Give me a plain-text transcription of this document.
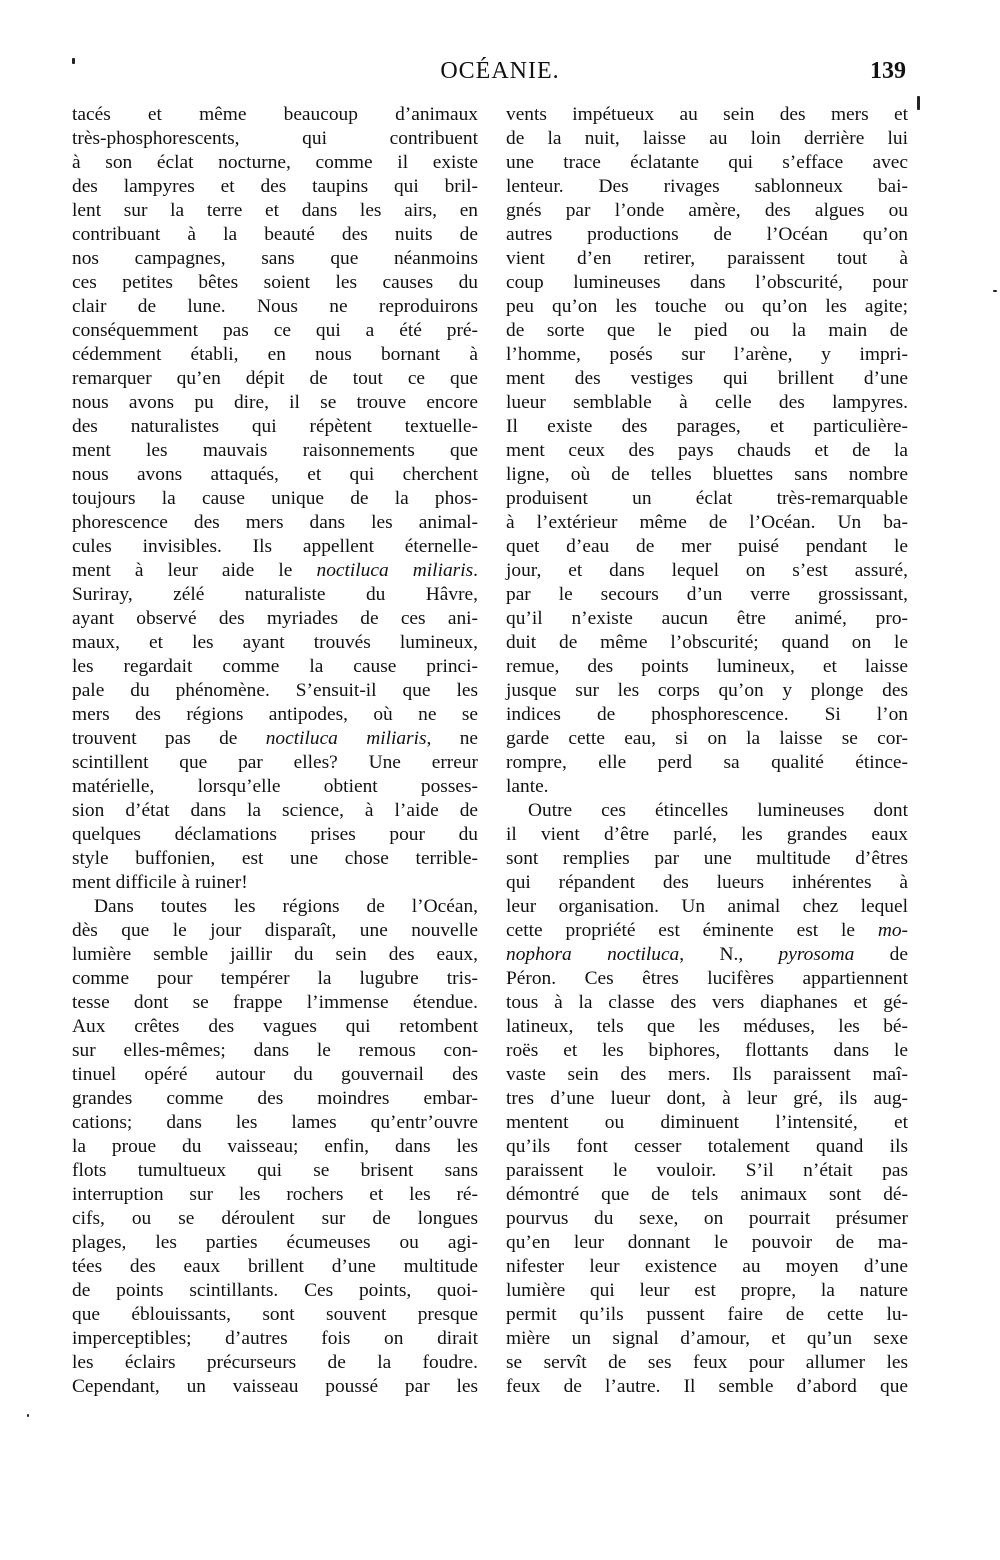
OCÉANIE.	139
tacés et même beaucoup d’animaux
très-phosphorescents, qui contribuent
à son éclat nocturne, comme il existe
des lampyres et des taupins qui bril-
lent sur la terre et dans les airs, en
contribuant à la beauté des nuits de
nos campagnes, sans que néanmoins
ces petites bêtes soient les causes du
clair de lune. Nous ne reproduirons
conséquemment pas ce qui a été pré-
cédemment établi, en nous bornant à
remarquer qu’en dépit de tout ce que
nous avons pu dire, il se trouve encore
des naturalistes qui répètent textuelle-
ment les mauvais raisonnements que
nous avons attaqués, et qui cherchent
toujours la cause unique de la phos-
phorescence des mers dans les animal-
cules invisibles. Ils appellent éternelle-
ment à leur aide le noctiluca miliaris.
Suriray, zélé naturaliste du Hâvre,
ayant observé des myriades de ces ani-
maux, et les ayant trouvés lumineux,
les regardait comme la cause princi-
pale du phénomène. S’ensuit-il que les
mers des régions antipodes, où ne se
trouvent pas de noctiluca miliaris, ne
scintillent que par elles? Une erreur
matérielle, lorsqu’elle obtient posses-
sion d’état dans la science, à l’aide de
quelques déclamations prises pour du
style buffonien, est une chose terrible-
ment difficile à ruiner!
Dans toutes les régions de l’Océan,
dès que le jour disparaît, une nouvelle
lumière semble jaillir du sein des eaux,
comme pour tempérer la lugubre tris-
tesse dont se frappe l’immense étendue.
Aux crêtes des vagues qui retombent
sur elles-mêmes; dans le remous con-
tinuel opéré autour du gouvernail des
grandes comme des moindres embar-
cations; dans les lames qu’entr’ouvre
la proue du vaisseau; enfin, dans les
flots tumultueux qui se brisent sans
interruption sur les rochers et les ré-
cifs, ou se déroulent sur de longues
plages, les parties écumeuses ou agi-
tées des eaux brillent d’une multitude
de points scintillants. Ces points, quoi-
que éblouissants, sont souvent presque
imperceptibles; d’autres fois on dirait
les éclairs précurseurs de la foudre.
Cependant, un vaisseau poussé par les
vents impétueux au sein des mers et
de la nuit, laisse au loin derrière lui
une trace éclatante qui s’efface avec
lenteur. Des rivages sablonneux bai-
gnés par l’onde amère, des algues ou
autres productions de l’Océan qu’on
vient d’en retirer, paraissent tout à
coup lumineuses dans l’obscurité, pour
peu qu’on les touche ou qu’on les agite;
de sorte que le pied ou la main de
l’homme, posés sur l’arène, y impri-
ment des vestiges qui brillent d’une
lueur semblable à celle des lampyres.
Il existe des parages, et particulière-
ment ceux des pays chauds et de la
ligne, où de telles bluettes sans nombre
produisent un éclat très-remarquable
à l’extérieur même de l’Océan. Un ba-
quet d’eau de mer puisé pendant le
jour, et dans lequel on s’est assuré,
par le secours d’un verre grossissant,
qu’il n’existe aucun être animé, pro-
duit de même l’obscurité; quand on le
remue, des points lumineux, et laisse
jusque sur les corps qu’on y plonge des
indices de phosphorescence. Si l’on
garde cette eau, si on la laisse se cor-
rompre, elle perd sa qualité étince-
lante.
Outre ces étincelles lumineuses dont
il vient d’être parlé, les grandes eaux
sont remplies par une multitude d’êtres
qui répandent des lueurs inhérentes à
leur organisation. Un animal chez lequel
cette propriété est éminente est le mo-
nophora noctiluca, N., pyrosoma de
Péron. Ces êtres lucifères appartiennent
tous à la classe des vers diaphanes et gé-
latineux, tels que les méduses, les bé-
roës et les biphores, flottants dans le
vaste sein des mers. Ils paraissent maî-
tres d’une lueur dont, à leur gré, ils aug-
mentent ou diminuent l’intensité, et
qu’ils font cesser totalement quand ils
paraissent le vouloir. S’il n’était pas
démontré que de tels animaux sont dé-
pourvus du sexe, on pourrait présumer
qu’en leur donnant le pouvoir de ma-
nifester leur existence au moyen d’une
lumière qui leur est propre, la nature
permit qu’ils pussent faire de cette lu-
mière un signal d’amour, et qu’un sexe
se servît de ses feux pour allumer les
feux de l’autre. Il semble d’abord que
